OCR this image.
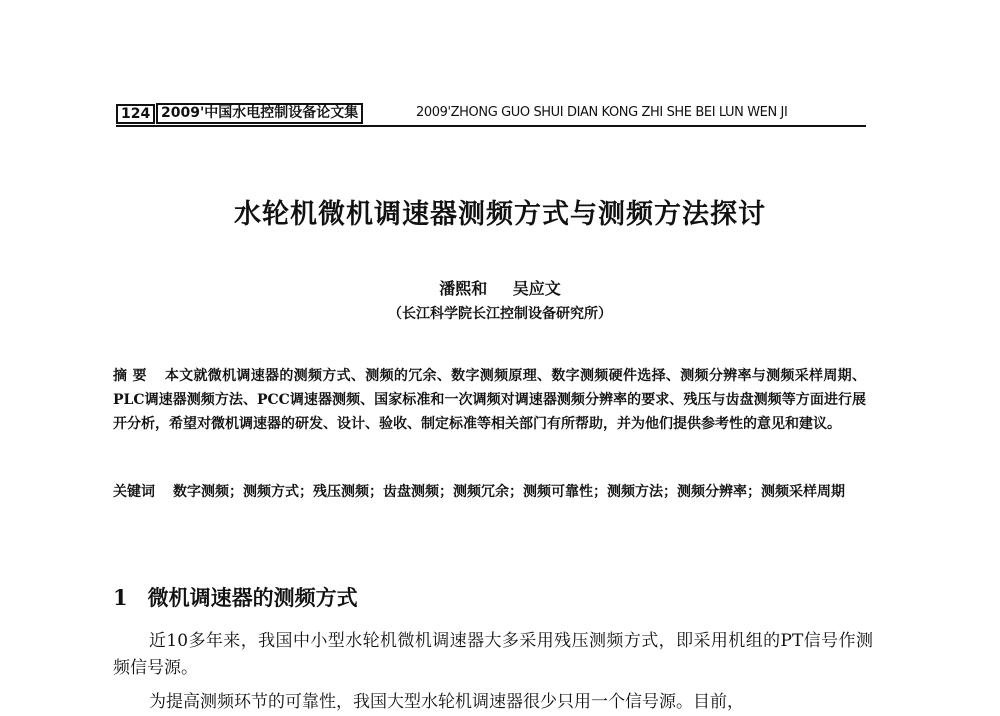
124 2009'中国水电控制设备论文集	2009'ZHONG GUO SHUI DIAN KONG ZHI SHE BEI LUN WEN JI
水轮机微机调速器测频方式与测频方法探讨
潘熙和 吴应文
（长江科学院长江控制设备研究所）

摘 要 本文就微机调速器的测频方式、测频的冗余、数字测频原理、数字测频硬件选择、测频分辨率与测频采样周期、PLC调速器测频方法、PCC调速器测频、国家标准和一次调频对调速器测频分辨率的要求、残压与齿盘测频等方面进行展开分析，希望对微机调速器的研发、设计、验收、制定标准等相关部门有所帮助，并为他们提供参考性的意见和建议。

关键词 数字测频；测频方式；残压测频；齿盘测频；测频冗余；测频可靠性；测频方法；测频分辨率；测频采样周期

1 微机调速器的测频方式

近10多年来，我国中小型水轮机微机调速器大多采用残压测频方式，即采用机组的PT信号作测频信号源。

为提高测频环节的可靠性，我国大型水轮机调速器很少只用一个信号源。目前，
